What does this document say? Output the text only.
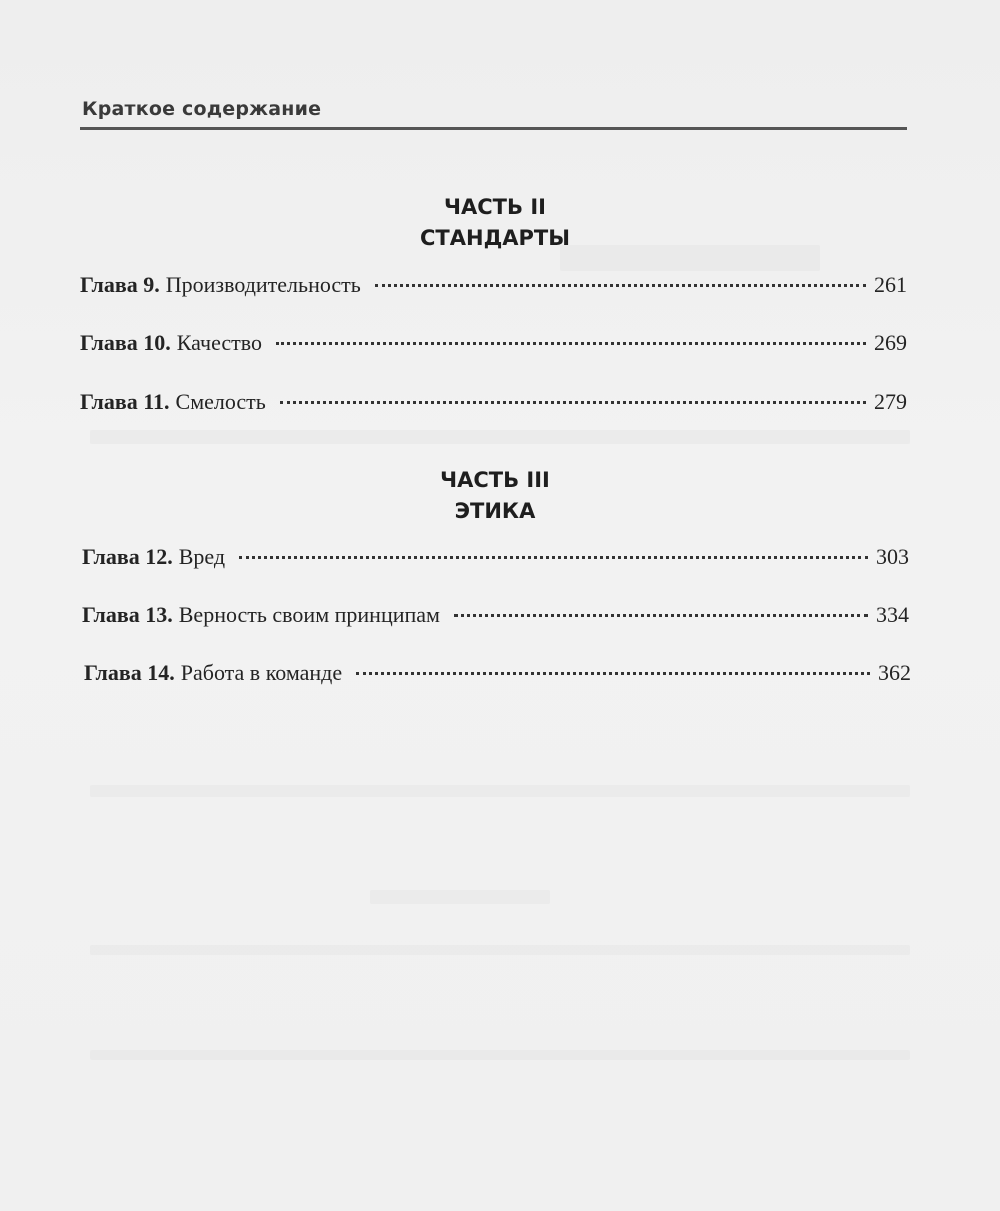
Краткое содержание
ЧАСТЬ II
СТАНДАРТЫ
Глава 9. Производительность	261
Глава 10. Качество	269
Глава 11. Смелость	279
ЧАСТЬ III
ЭТИКА
Глава 12. Вред	303
Глава 13. Верность своим принципам	334
Глава 14. Работа в команде	362
